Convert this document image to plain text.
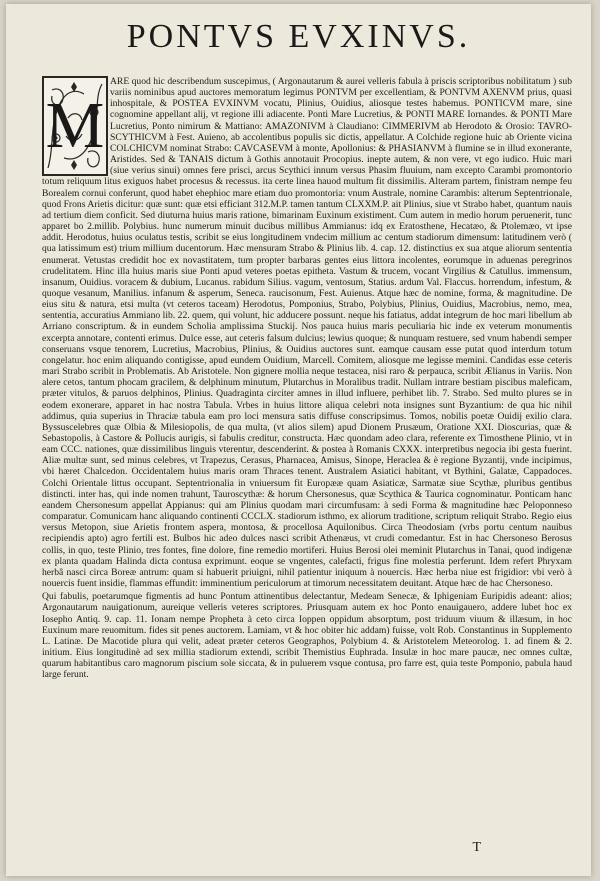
PONTVS EVXINVS.
M

ARE quod hic describendum suscepimus, ( Argonautarum & aurei velleris fabula à priscis scriptoribus nobilitatum ) sub variis nominibus apud auctores memoratum legimus PONTVM per excellentiam, & PONTVM AXENVM prius, quasi inhospitale, & POSTEA EVXINVM vocatu, Plinius, Ouidius, aliosque testes habemus. PONTICVM mare, sine cognomine appellant alij, vt regione illi adiacente. Ponti Mare Lucretius, & PONTI MARE Iornandes. & PONTI Mare Lucretius, Ponto nimirum & Mattiano: AMAZONIVM à Claudiano: CIMMERIVM ab Herodoto & Orosio: TAVRO-SCYTHICVM à Fest. Auieno, ab accolentibus populis sic dictis, appellatur. A Colchide regione huic ab Oriente vicina COLCHICVM nominat Strabo: CAVCASEVM à monte, Apollonius: & PHASIANVM à flumine se in illud exonerante, Aristides. Sed & TANAIS dictum à Gothis annotauit Procopius. inepte autem, & non vere, vt ego iudico. Huic mari (siue verius sinui) omnes fere prisci, arcus Scythici innum versus Phasim fluuium, nam excepto Carambi promontorio totum reliquum litus exiguos habet procesus & recessus. ita certe linea hauod multum fit dissimilis. Alteram partem, finistram nempe feu Borealem cornui conferunt, quod habet ehephioc mare etiam duo promontoria: vnum Australe, nomine Carambis: alterum Septentrionale, quod Frons Arietis dicitur: quæ sunt: quæ etsi efficiant 312.M.P. tamen tantum CLXXM.P. ait Plinius, siue vt Strabo habet, quantum nauis ad tertium diem conficit. Sed diuturna huius maris ratione, bimarinam Euxinum existiment. Cum autem in medio horum peruenerit, tunc apparet bo 2.millib. Polybius. hunc numerum minuit ducibus millibus Ammianus: idq ex Eratosthene, Hecatæo, & Ptolemæo, vt ipse addit. Herodotus, huius oculatus testis, scribit se eius longitudinem vndecim millium ac centum stadiorum dimensum: latitudinem verò ( qua latissimum est) trium millium ducentorum. Hæc mensuram Strabo & Plinius lib. 4. cap. 12. distinctius ex sua atque aliorum sententia enumerat. Vetustas credidit hoc ex novastitatem, tum propter barbaras gentes eius littora incolentes, eorumque in aduenas peregrinos crudelitatem. Hinc illa huius maris siue Ponti apud veteres poetas epitheta. Vastum & trucem, vocant Virgilius & Catullus. immensum, insanum, Ouidius. voracem & dubium, Lucanus. rabidum Silius. vagum, ventosum, Statius. ardum Val. Flaccus. horrendum, infestum, & quoque vesanum, Manilius. infanum & asperum, Seneca. raucisonum, Fest. Auienus. Atque hæc de nomine, forma, & magnitudine. De eius situ & natura, etsi multa (vt ceteros taceam) Herodotus, Pomponius, Strabo, Polybius, Plinius, Ouidius, Macrobius, nemo, mea, sententia, accuratius Ammiano lib. 22. quem, qui volunt, hic adducere possunt. neque his fatiatus, addat integrum de hoc mari libellum ab Arriano conscriptum. & in eundem Scholia amplissima Stuckij. Nos pauca huius maris peculiaria hic inde ex veterum monumentis excerpta annotare, contenti erimus. Dulce esse, aut ceteris falsum dulcius; lewius quoque; & nunquam restuere, sed vnum habendi semper conseruans vsque tenorem, Lucretius, Macrobius, Plinius, & Ouidius auctores sunt. eamque causam esse putat quod interdum totum congelatur. hoc enim aliquando contigisse, apud eundem Ouidium, Marcell. Comitem, aliosque me legisse memini. Candidas esse ceteris mari Strabo scribit in Problematis. Ab Aristotele. Non gignere mollia neque testacea, nisi raro & perpauca, scribit Ælianus in Variis. Non alere cetos, tantum phocam gracilem, & delphinum minutum, Plutarchus in Moralibus tradit. Nullam intrare bestiam piscibus maleficam, præter vitulos, & paruos delphinos, Plinius. Quadraginta circiter amnes in illud influere, perhibet lib. 7. Strabo. Sed multo plures se in eodem exonerare, apparet in hac nostra Tabula. Vrbes in huius littore aliqua celebri nota insignes sunt Byzantium: de qua hic nihil addimus, quia superius in Thraciæ tabula eam pro loci mensura satis diffuse conscripsimus. Tomos, nobilis poetæ Ouidij exilio clara. Byssuscelebres quæ Olbia & Milesiopolis, de qua multa, (vt alios silem) apud Dionem Prusæum, Oratione XXI. Dioscurias, quæ & Sebastopolis, à Castore & Pollucis aurigis, si fabulis creditur, constructa. Hæc quondam adeo clara, referente ex Timosthene Plinio, vt in eam CCC. nationes, quæ dissimilibus linguis vterentur, descenderint. & postea à Romanis CXXX. interpretibus negocia ibi gesta fuerint. Aliæ multæ sunt, sed minus celebres, vt Trapezus, Cerasus, Pharnacea, Amisus, Sinope, Heraclea & è regione Byzantij, vnde incipimus, vbi hæret Chalcedon. Occidentalem huius maris oram Thraces tenent. Australem Asiatici habitant, vt Bythini, Galatæ, Cappadoces. Colchi Orientale littus occupant. Septentrionalia in vniuersum fit Europææ quam Asiaticæ, Sarmatæ siue Scythæ, pluribus gentibus distincti. inter has, qui inde nomen trahunt, Tauroscythæ: & horum Chersonesus, quæ Scythica & Taurica cognominatur. Ponticam hanc eandem Chersonesum appellat Appianus: qui am Plinius quodam mari circumfusam: à sedi Forma & magnitudine hæc Peloponneso comparatur. Comunicam hanc aliquando continenti CCCLX. stadiorum isthmo, ex aliorum traditione, scriptum reliquit Strabo. Regio eius versus Metopon, siue Arietis frontem aspera, montosa, & procellosa Aquilonibus. Circa Theodosiam (vrbs portu centum nauibus recipiendis apto) agro fertili est. Bulbos hic adeo dulces nasci scribit Athenæus, vt crudi comedantur. Est in hac Chersoneso Berosus collis, in quo, teste Plinio, tres fontes, fine dolore, fine remedio mortiferi. Huius Berosi olei meminit Plutarchus in Tanai, quod indigenæ ex planta quadam Halinda dicta contusa exprimunt. eoque se vngentes, calefacti, frigus fine molestia perferunt. Idem refert Phryxam herbâ nasci circa Boreæ antrum: quam si habuerit priuigni, nihil patientur iniquum à nouercis. Hæc herba niue est frigidior: vbi verò à nouercis fuent insidie, flammas effundit: imminentium periculorum at timorum necessitatem deuitant. Atque hæc de hac Chersoneso.

Qui fabulis, poetarumque figmentis ad hunc Pontum attinentibus delectantur, Medeam Senecæ, & Iphigeniam Euripidis adeant: alios; Argonautarum nauigationum, aureique velleris veteres scriptores. Priusquam autem ex hoc Ponto enauigauero, addere lubet hoc ex Iosepho Antiq. 9. cap. 11. Ionam nempe Propheta à ceto circa Ioppen oppidum absorptum, post triduum viuum & illæsum, in hoc Euxinum mare reuomitum. fides sit penes auctorem. Lamiam, vt & hoc obiter hic addam) fuisse, volt Rob. Constantinus in Supplemento L. Latinæ. De Macotide plura qui velit, adeat præter ceteros Geographos, Polybium 4. & Aristotelem Meteorolog. 1. ad finem & 2. initium. Eius longitudinè ad sex millia stadiorum extendi, scribit Themistius Euphrada. Insulæ in hoc mare paucæ, nec omnes cultæ, quarum habitantibus caro magnorum piscium sole siccata, & in puluerem vsque contusa, pro farre est, quia teste Pomponio, pabula haud large ferunt.

T
